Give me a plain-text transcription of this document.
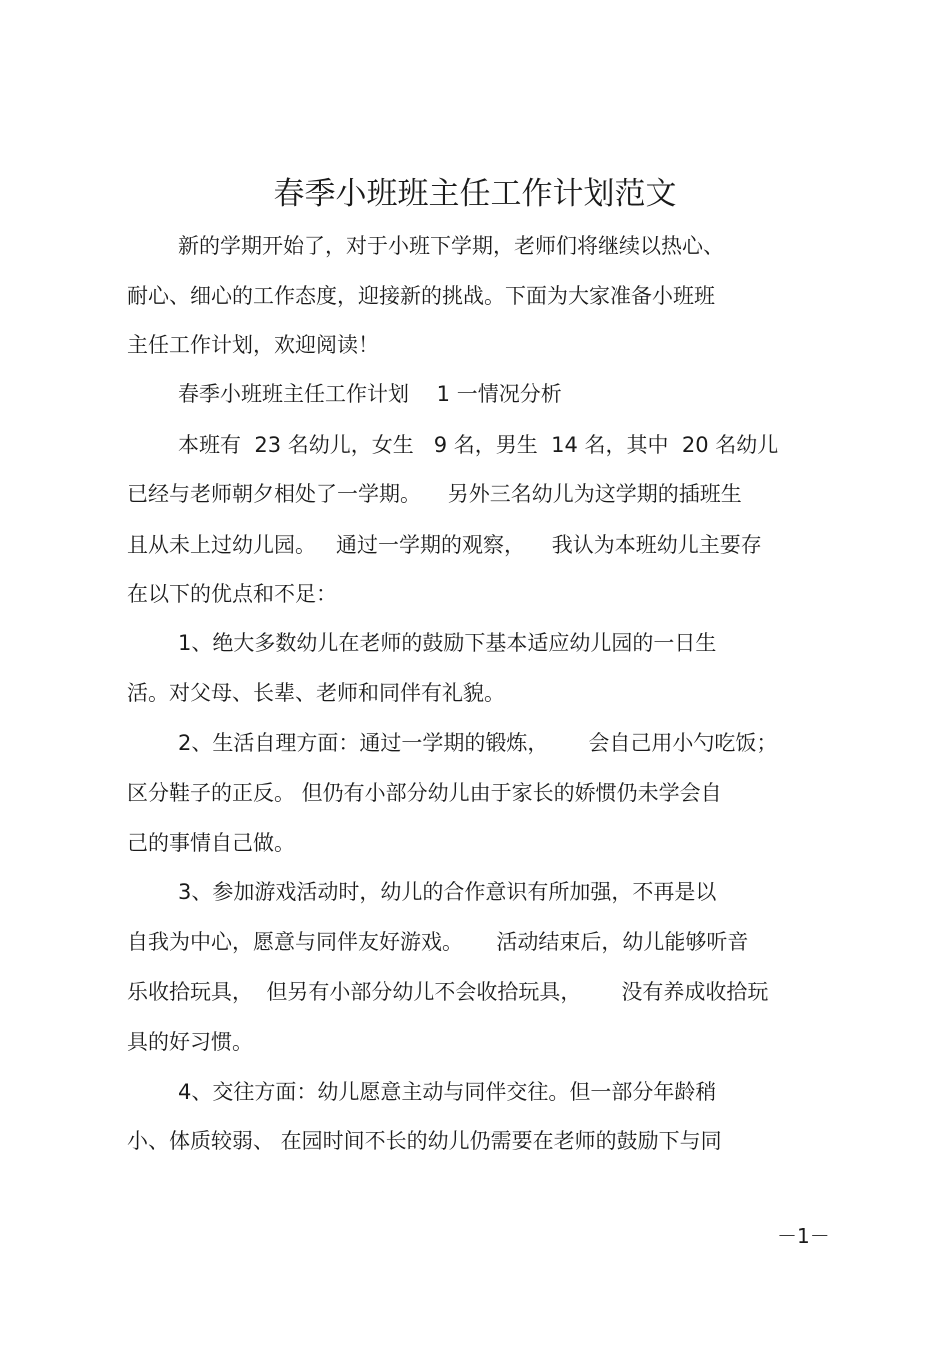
春季小班班主任工作计划范文
新的学期开始了，对于小班下学期，老师们将继续以热心、
耐心、细心的工作态度，迎接新的挑战。下面为大家准备小班班
主任工作计划，欢迎阅读！
春季小班班主任工作计划　 1 一情况分析
本班有  23 名幼儿，女生   9 名，男生  14 名，其中  20 名幼儿
已经与老师朝夕相处了一学期。    另外三名幼儿为这学期的插班生
且从未上过幼儿园。   通过一学期的观察，    我认为本班幼儿主要存
在以下的优点和不足：
1、绝大多数幼儿在老师的鼓励下基本适应幼儿园的一日生
活。对父母、长辈、老师和同伴有礼貌。
2、生活自理方面：通过一学期的锻炼，      会自己用小勺吃饭；
区分鞋子的正反。 但仍有小部分幼儿由于家长的娇惯仍未学会自
己的事情自己做。
3、参加游戏活动时，幼儿的合作意识有所加强，不再是以
自我为中心，愿意与同伴友好游戏。     活动结束后，幼儿能够听音
乐收拾玩具，  但另有小部分幼儿不会收拾玩具，      没有养成收拾玩
具的好习惯。
4、交往方面：幼儿愿意主动与同伴交往。但一部分年龄稍
小、体质较弱、 在园时间不长的幼儿仍需要在老师的鼓励下与同
－1－
